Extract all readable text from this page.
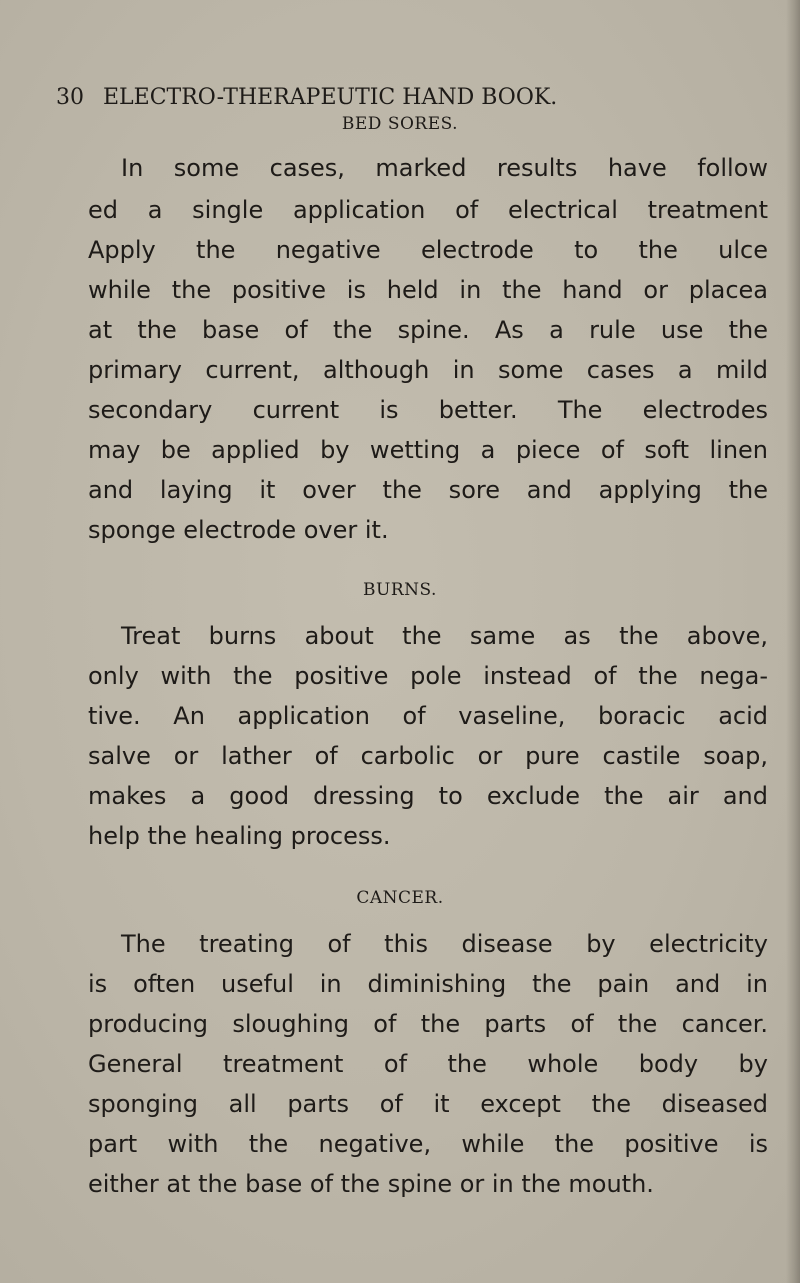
30 ELECTRO-THERAPEUTIC HAND BOOK.
BED SORES.
In some cases, marked results have follow
ed a single application of electrical treatment
Apply the negative electrode to the ulce
while the positive is held in the hand or placea
at the base of the spine. As a rule use the
primary current, although in some cases a mild
secondary current is better. The electrodes
may be applied by wetting a piece of soft linen
and laying it over the sore and applying the
sponge electrode over it.
BURNS.
Treat burns about the same as the above,
only with the positive pole instead of the nega-
tive. An application of vaseline, boracic acid
salve or lather of carbolic or pure castile soap,
makes a good dressing to exclude the air and
help the healing process.
CANCER.
The treating of this disease by electricity
is often useful in diminishing the pain and in
producing sloughing of the parts of the cancer.
General treatment of the whole body by
sponging all parts of it except the diseased
part with the negative, while the positive is
either at the base of the spine or in the mouth.
